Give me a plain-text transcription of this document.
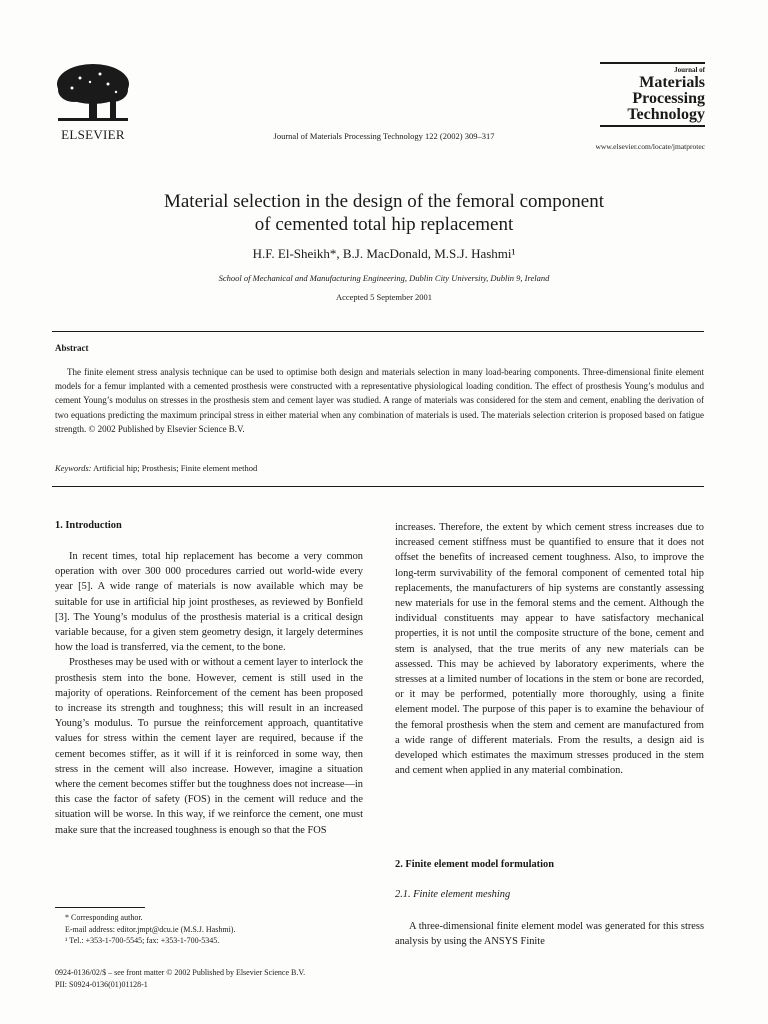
ELSEVIER	Journal of Materials Processing Technology 122 (2002) 309–317
Journal of
Materials
Processing
Technology
www.elsevier.com/locate/jmatprotec
Material selection in the design of the femoral component
of cemented total hip replacement
H.F. El-Sheikh*, B.J. MacDonald, M.S.J. Hashmi¹
School of Mechanical and Manufacturing Engineering, Dublin City University, Dublin 9, Ireland
Accepted 5 September 2001
Abstract
The finite element stress analysis technique can be used to optimise both design and materials selection in many load-bearing components. Three-dimensional finite element models for a femur implanted with a cemented prosthesis were constructed with a representative physiological loading condition. The effect of prosthesis Young’s modulus and cement Young’s modulus on stresses in the prosthesis stem and cement layer was studied. A range of materials was considered for the stem and cement, enabling the derivation of two equations predicting the maximum principal stress in either material when any combination of materials is used. The materials selection criterion is proposed based on fatigue strength. © 2002 Published by Elsevier Science B.V.
Keywords: Artificial hip; Prosthesis; Finite element method
1. Introduction

In recent times, total hip replacement has become a very common operation with over 300 000 procedures carried out world-wide every year [5]. A wide range of materials is now available which may be suitable for use in artificial hip joint prostheses, as reviewed by Bonfield [3]. The Young’s modulus of the prosthesis material is a critical design variable because, for a given stem geometry design, it largely determines how the load is transferred, via the cement, to the bone.

Prostheses may be used with or without a cement layer to interlock the prosthesis stem into the bone. However, cement is still used in the majority of operations. Reinforcement of the cement has been proposed to increase its strength and toughness; this will result in an increased Young’s modulus. To pursue the reinforcement approach, quantitative values for stress within the cement layer are required, because if the cement becomes stiffer, as it will if it is reinforced in some way, then stress in the cement will also increase. However, imagine a situation where the cement becomes stiffer but the toughness does not increase—in this case the factor of safety (FOS) in the cement will reduce and the situation will be worse. In this way, if we reinforce the cement, one must make sure that the increased toughness is enough so that the FOS

increases. Therefore, the extent by which cement stress increases due to increased cement stiffness must be quantified to ensure that it does not offset the benefits of increased cement toughness. Also, to improve the long-term survivability of the femoral component of cemented total hip replacements, the manufacturers of hip systems are constantly assessing new materials for use in the femoral stems and the cement. Although the individual constituents may appear to have satisfactory mechanical properties, it is not until the composite structure of the bone, cement and stem is analysed, that the true merits of any new materials can be assessed. This may be achieved by laboratory experiments, where the stresses at a limited number of locations in the stem or bone are recorded, or it may be performed, potentially more thoroughly, using a finite element model. The purpose of this paper is to examine the behaviour of the femoral prosthesis when the stem and cement are manufactured from a wide range of different materials. From the results, a design aid is developed which estimates the maximum stresses produced in the stem and cement when applied in any material combination.

2. Finite element model formulation
2.1. Finite element meshing

A three-dimensional finite element model was generated for this stress analysis by using the ANSYS Finite

* Corresponding author.
E-mail address: editor.jmpt@dcu.ie (M.S.J. Hashmi).
¹ Tel.: +353-1-700-5545; fax: +353-1-700-5345.
0924-0136/02/$ – see front matter © 2002 Published by Elsevier Science B.V.
PII: S0924-0136(01)01128-1
